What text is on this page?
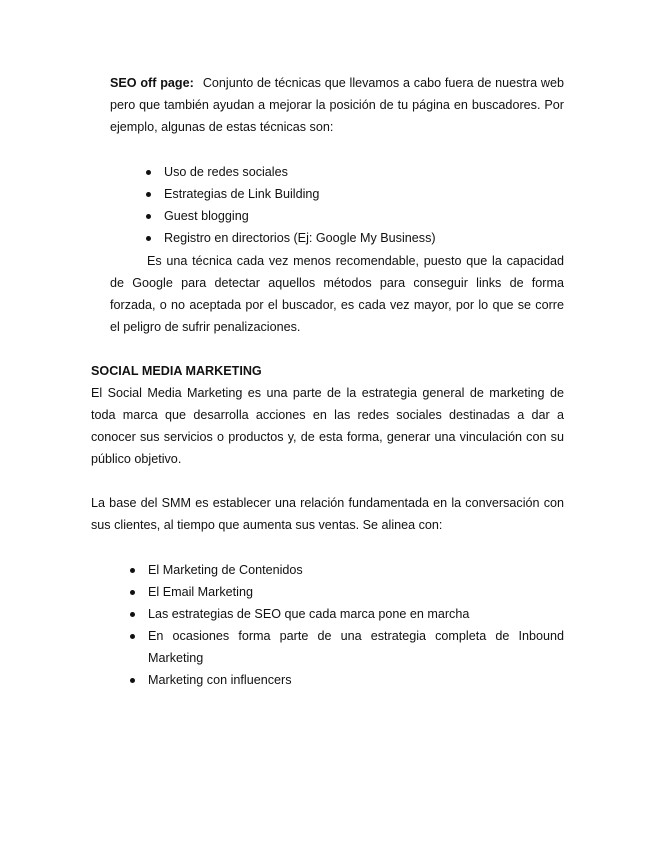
SEO off page: Conjunto de técnicas que llevamos a cabo fuera de nuestra web pero que también ayudan a mejorar la posición de tu página en buscadores. Por ejemplo, algunas de estas técnicas son:

Uso de redes sociales
Estrategias de Link Building
Guest blogging
Registro en directorios (Ej: Google My Business)

Es una técnica cada vez menos recomendable, puesto que la capacidad de Google para detectar aquellos métodos para conseguir links de forma forzada, o no aceptada por el buscador, es cada vez mayor, por lo que se corre el peligro de sufrir penalizaciones.

SOCIAL MEDIA MARKETING

El Social Media Marketing es una parte de la estrategia general de marketing de toda marca que desarrolla acciones en las redes sociales destinadas a dar a conocer sus servicios o productos y, de esta forma, generar una vinculación con su público objetivo.

La base del SMM es establecer una relación fundamentada en la conversación con sus clientes, al tiempo que aumenta sus ventas. Se alinea con:

El Marketing de Contenidos
El Email Marketing
Las estrategias de SEO que cada marca pone en marcha
En ocasiones forma parte de una estrategia completa de Inbound Marketing
Marketing con influencers
